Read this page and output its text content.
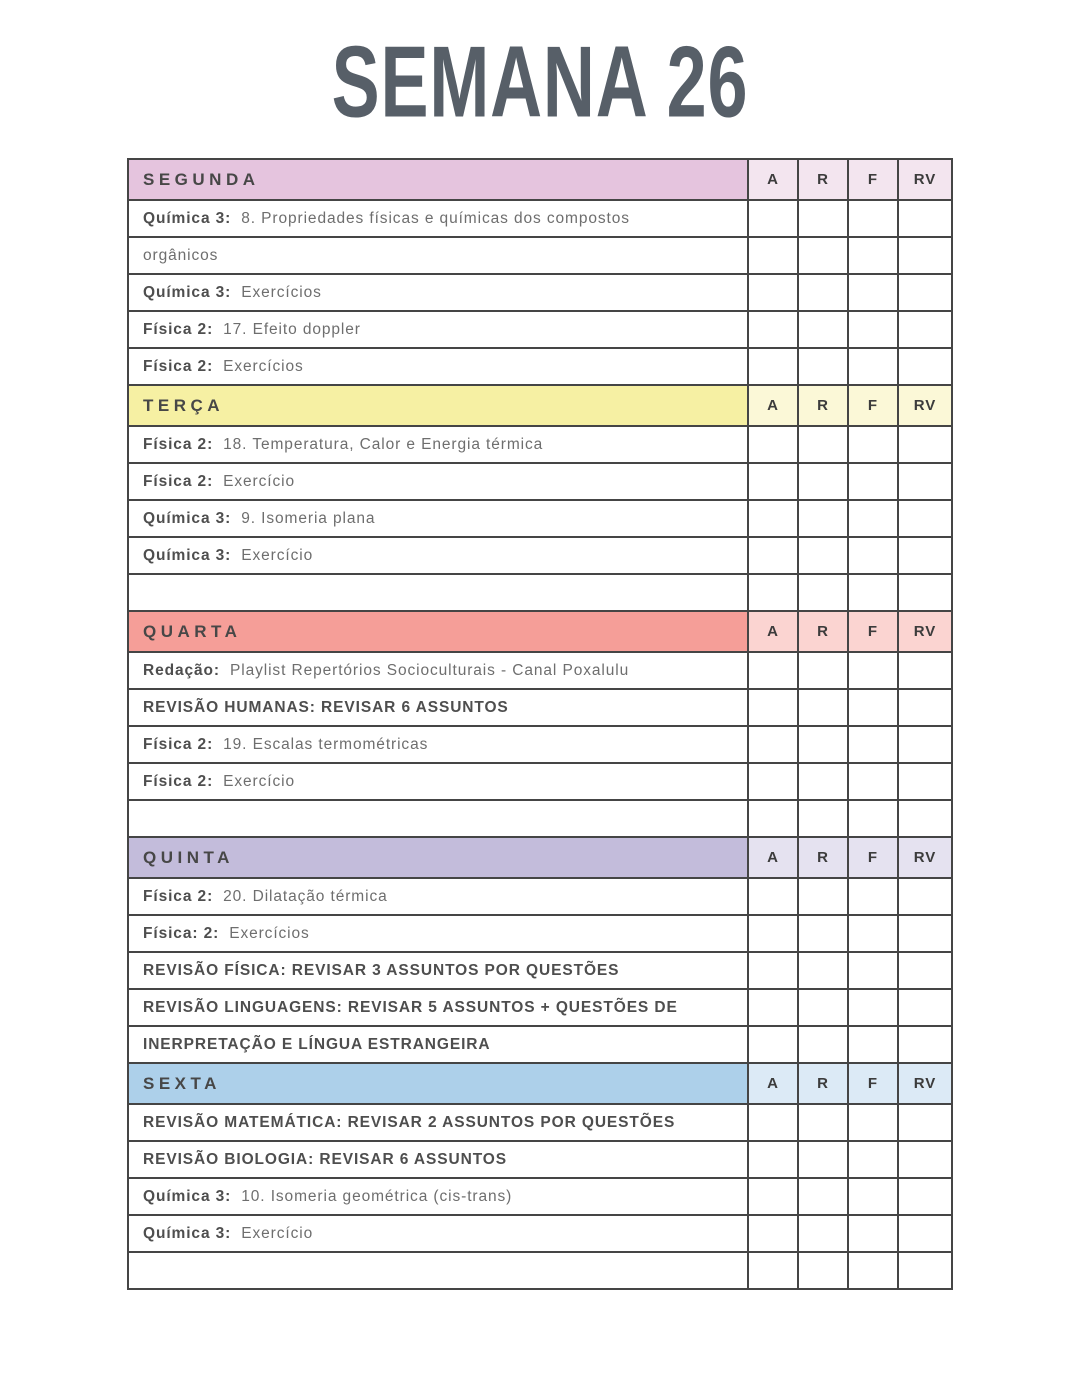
SEMANA 26
SEGUNDA	A	R	F	RV
Química 3: 8. Propriedades físicas e químicas dos compostos				
orgânicos				
Química 3: Exercícios				
Física 2: 17. Efeito doppler				
Física 2: Exercícios				
TERÇA	A	R	F	RV
Física 2: 18. Temperatura, Calor e Energia térmica				
Física 2: Exercício				
Química 3: 9. Isomeria plana				
Química 3: Exercício				

QUARTA	A	R	F	RV
Redação: Playlist Repertórios Socioculturais - Canal Poxalulu				
REVISÃO HUMANAS: REVISAR 6 ASSUNTOS				
Física 2: 19. Escalas termométricas				
Física 2: Exercício				

QUINTA	A	R	F	RV
Física 2: 20. Dilatação térmica				
Física: 2: Exercícios				
REVISÃO FÍSICA: REVISAR 3 ASSUNTOS POR QUESTÕES				
REVISÃO LINGUAGENS: REVISAR 5 ASSUNTOS + QUESTÕES DE				
INERPRETAÇÃO E LÍNGUA ESTRANGEIRA				
SEXTA	A	R	F	RV
REVISÃO MATEMÁTICA: REVISAR 2 ASSUNTOS POR QUESTÕES				
REVISÃO BIOLOGIA: REVISAR 6 ASSUNTOS				
Química 3: 10. Isomeria geométrica (cis-trans)				
Química 3: Exercício				
